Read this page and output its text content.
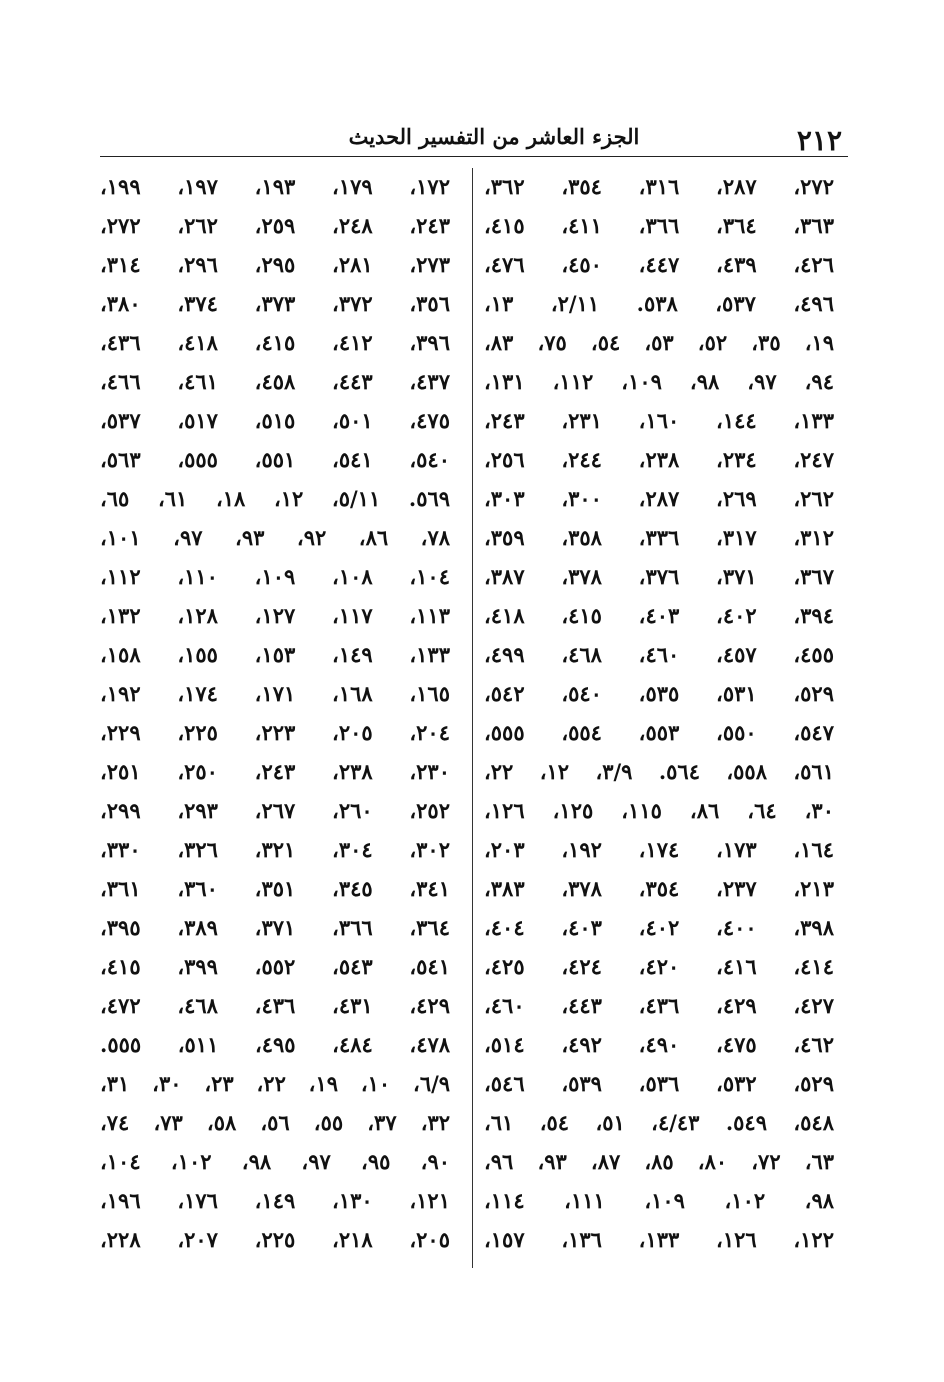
٢١٢
الجزء العاشر من التفسير الحديث
٢٧٢، ٢٨٧، ٣١٦، ٣٥٤، ٣٦٢،
٣٦٣، ٣٦٤، ٣٦٦، ٤١١، ٤١٥،
٤٢٦، ٤٣٩، ٤٤٧، ٤٥٠، ٤٧٦،
٤٩٦، ٥٣٧، ٥٣٨. ٢/١١، ١٣،
١٩، ٣٥، ٥٢، ٥٣، ٥٤، ٧٥، ٨٣،
٩٤، ٩٧، ٩٨، ١٠٩، ١١٢، ١٣١،
١٣٣، ١٤٤، ١٦٠، ٢٣١، ٢٤٣،
٢٤٧، ٢٣٤، ٢٣٨، ٢٤٤، ٢٥٦،
٢٦٢، ٢٦٩، ٢٨٧، ٣٠٠، ٣٠٣،
٣١٢، ٣١٧، ٣٣٦، ٣٥٨، ٣٥٩،
٣٦٧، ٣٧١، ٣٧٦، ٣٧٨، ٣٨٧،
٣٩٤، ٤٠٢، ٤٠٣، ٤١٥، ٤١٨،
٤٥٥، ٤٥٧، ٤٦٠، ٤٦٨، ٤٩٩،
٥٢٩، ٥٣١، ٥٣٥، ٥٤٠، ٥٤٢،
٥٤٧، ٥٥٠، ٥٥٣، ٥٥٤، ٥٥٥،
٥٦١، ٥٥٨، ٥٦٤. ٣/٩، ١٢، ٢٢،
٣٠، ٦٤، ٨٦، ١١٥، ١٢٥، ١٢٦،
١٦٤، ١٧٣، ١٧٤، ١٩٢، ٢٠٣،
٢١٣، ٢٣٧، ٣٥٤، ٣٧٨، ٣٨٣،
٣٩٨، ٤٠٠، ٤٠٢، ٤٠٣، ٤٠٤،
٤١٤، ٤١٦، ٤٢٠، ٤٢٤، ٤٢٥،
٤٢٧، ٤٢٩، ٤٣٦، ٤٤٣، ٤٦٠،
٤٦٢، ٤٧٥، ٤٩٠، ٤٩٢، ٥١٤،
٥٢٩، ٥٣٢، ٥٣٦، ٥٣٩، ٥٤٦،
٥٤٨، ٥٤٩. ٤/٤٣، ٥١، ٥٤، ٦١،
٦٣، ٧٢، ٨٠، ٨٥، ٨٧، ٩٣، ٩٦،
٩٨، ١٠٢، ١٠٩، ١١١، ١١٤،
١٢٢، ١٢٦، ١٣٣، ١٣٦، ١٥٧،
١٧٢، ١٧٩، ١٩٣، ١٩٧، ١٩٩،
٢٤٣، ٢٤٨، ٢٥٩، ٢٦٢، ٢٧٢،
٢٧٣، ٢٨١، ٢٩٥، ٢٩٦، ٣١٤،
٣٥٦، ٣٧٢، ٣٧٣، ٣٧٤، ٣٨٠،
٣٩٦، ٤١٢، ٤١٥، ٤١٨، ٤٣٦،
٤٣٧، ٤٤٣، ٤٥٨، ٤٦١، ٤٦٦،
٤٧٥، ٥٠١، ٥١٥، ٥١٧، ٥٣٧،
٥٤٠، ٥٤١، ٥٥١، ٥٥٥، ٥٦٣،
٥٦٩. ٥/١١، ١٢، ١٨، ٦١، ٦٥،
٧٨، ٨٦، ٩٢، ٩٣، ٩٧، ١٠١،
١٠٤، ١٠٨، ١٠٩، ١١٠، ١١٢،
١١٣، ١١٧، ١٢٧، ١٢٨، ١٣٢،
١٣٣، ١٤٩، ١٥٣، ١٥٥، ١٥٨،
١٦٥، ١٦٨، ١٧١، ١٧٤، ١٩٢،
٢٠٤، ٢٠٥، ٢٢٣، ٢٢٥، ٢٢٩،
٢٣٠، ٢٣٨، ٢٤٣، ٢٥٠، ٢٥١،
٢٥٢، ٢٦٠، ٢٦٧، ٢٩٣، ٢٩٩،
٣٠٢، ٣٠٤، ٣٢١، ٣٢٦، ٣٣٠،
٣٤١، ٣٤٥، ٣٥١، ٣٦٠، ٣٦١،
٣٦٤، ٣٦٦، ٣٧١، ٣٨٩، ٣٩٥،
٥٤١، ٥٤٣، ٥٥٢، ٣٩٩، ٤١٥،
٤٢٩، ٤٣١، ٤٣٦، ٤٦٨، ٤٧٢،
٤٧٨، ٤٨٤، ٤٩٥، ٥١١، ٥٥٥.
٦/٩، ١٠، ١٩، ٢٢، ٢٣، ٣٠، ٣١،
٣٢، ٣٧، ٥٥، ٥٦، ٥٨، ٧٣، ٧٤،
٩٠، ٩٥، ٩٧، ٩٨، ١٠٢، ١٠٤،
١٢١، ١٣٠، ١٤٩، ١٧٦، ١٩٦،
٢٠٥، ٢١٨، ٢٢٥، ٢٠٧، ٢٢٨،
